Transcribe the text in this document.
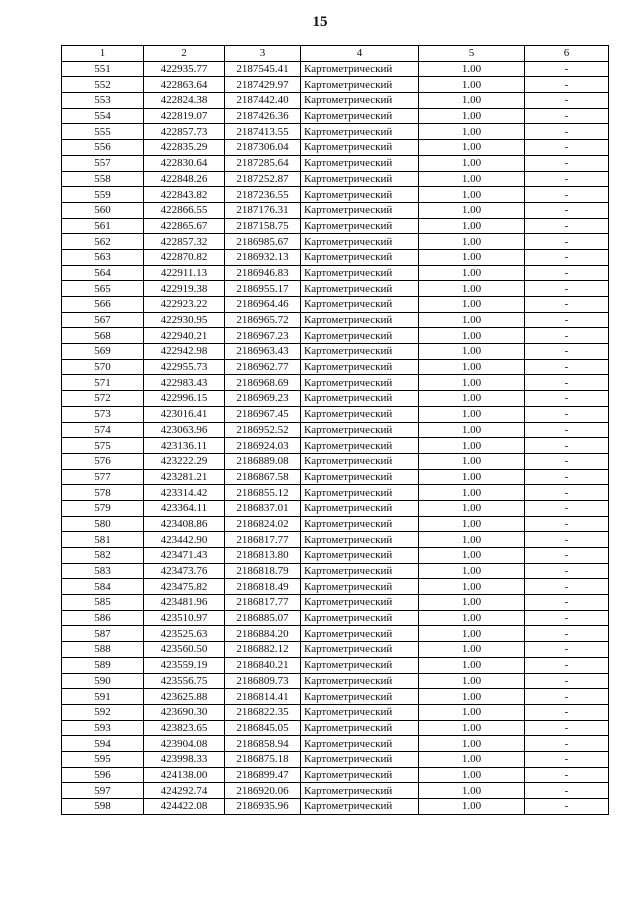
15
1	2	3	4	5	6
551	422935.77	2187545.41	Картометрический	1.00	-
552	422863.64	2187429.97	Картометрический	1.00	-
553	422824.38	2187442.40	Картометрический	1.00	-
554	422819.07	2187426.36	Картометрический	1.00	-
555	422857.73	2187413.55	Картометрический	1.00	-
556	422835.29	2187306.04	Картометрический	1.00	-
557	422830.64	2187285.64	Картометрический	1.00	-
558	422848.26	2187252.87	Картометрический	1.00	-
559	422843.82	2187236.55	Картометрический	1.00	-
560	422866.55	2187176.31	Картометрический	1.00	-
561	422865.67	2187158.75	Картометрический	1.00	-
562	422857.32	2186985.67	Картометрический	1.00	-
563	422870.82	2186932.13	Картометрический	1.00	-
564	422911.13	2186946.83	Картометрический	1.00	-
565	422919.38	2186955.17	Картометрический	1.00	-
566	422923.22	2186964.46	Картометрический	1.00	-
567	422930.95	2186965.72	Картометрический	1.00	-
568	422940.21	2186967.23	Картометрический	1.00	-
569	422942.98	2186963.43	Картометрический	1.00	-
570	422955.73	2186962.77	Картометрический	1.00	-
571	422983.43	2186968.69	Картометрический	1.00	-
572	422996.15	2186969.23	Картометрический	1.00	-
573	423016.41	2186967.45	Картометрический	1.00	-
574	423063.96	2186952.52	Картометрический	1.00	-
575	423136.11	2186924.03	Картометрический	1.00	-
576	423222.29	2186889.08	Картометрический	1.00	-
577	423281.21	2186867.58	Картометрический	1.00	-
578	423314.42	2186855.12	Картометрический	1.00	-
579	423364.11	2186837.01	Картометрический	1.00	-
580	423408.86	2186824.02	Картометрический	1.00	-
581	423442.90	2186817.77	Картометрический	1.00	-
582	423471.43	2186813.80	Картометрический	1.00	-
583	423473.76	2186818.79	Картометрический	1.00	-
584	423475.82	2186818.49	Картометрический	1.00	-
585	423481.96	2186817.77	Картометрический	1.00	-
586	423510.97	2186885.07	Картометрический	1.00	-
587	423525.63	2186884.20	Картометрический	1.00	-
588	423560.50	2186882.12	Картометрический	1.00	-
589	423559.19	2186840.21	Картометрический	1.00	-
590	423556.75	2186809.73	Картометрический	1.00	-
591	423625.88	2186814.41	Картометрический	1.00	-
592	423690.30	2186822.35	Картометрический	1.00	-
593	423823.65	2186845.05	Картометрический	1.00	-
594	423904.08	2186858.94	Картометрический	1.00	-
595	423998.33	2186875.18	Картометрический	1.00	-
596	424138.00	2186899.47	Картометрический	1.00	-
597	424292.74	2186920.06	Картометрический	1.00	-
598	424422.08	2186935.96	Картометрический	1.00	-
